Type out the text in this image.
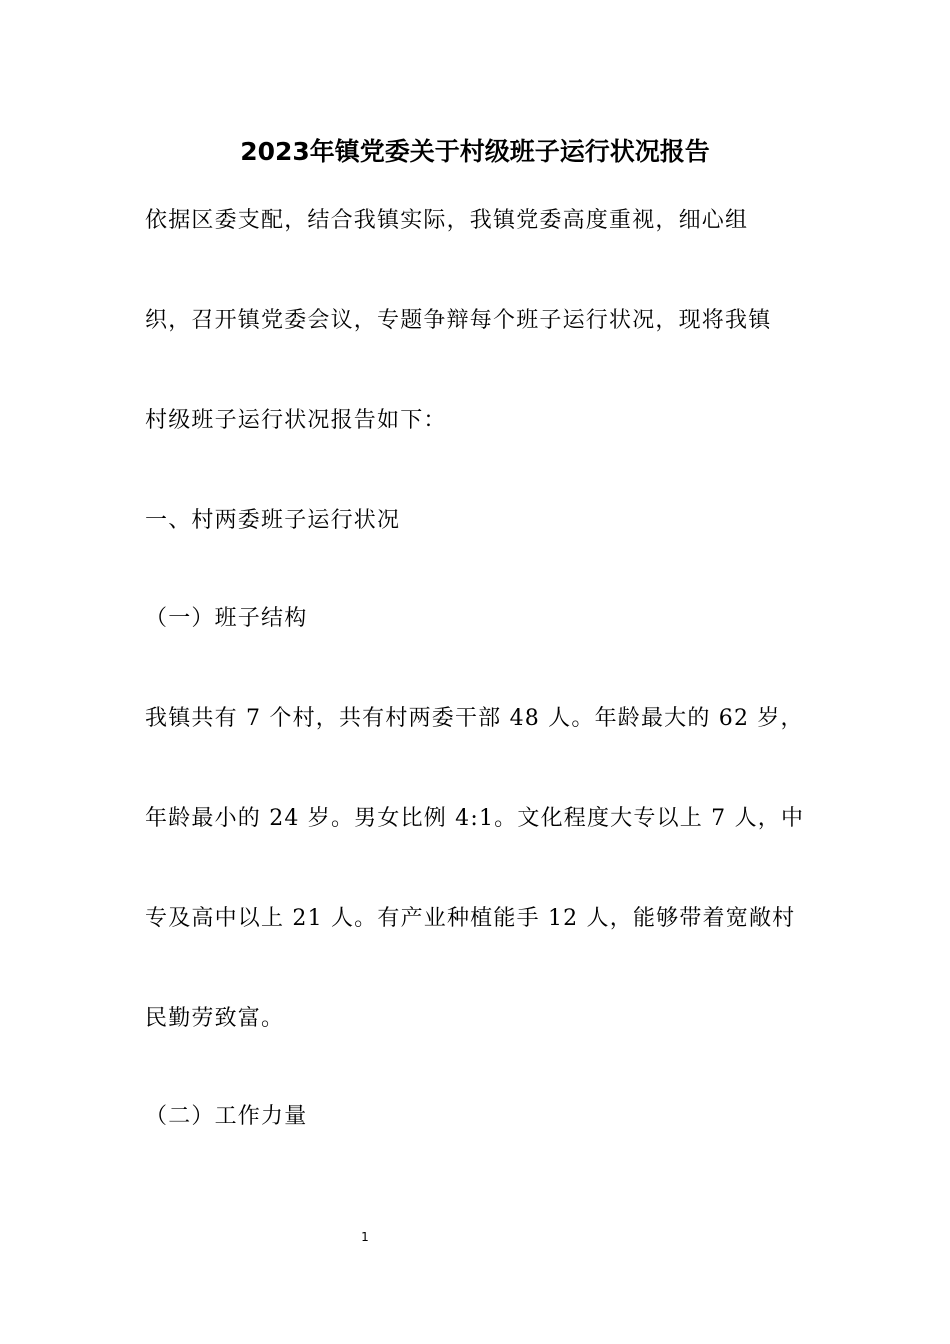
2023年镇党委关于村级班子运行状况报告

依据区委支配，结合我镇实际，我镇党委高度重视，细心组

织，召开镇党委会议，专题争辩每个班子运行状况，现将我镇

村级班子运行状况报告如下：

一、村两委班子运行状况

（一）班子结构

我镇共有 7 个村，共有村两委干部 48 人。年龄最大的 62 岁，

年龄最小的 24 岁。男女比例 4:1。文化程度大专以上 7 人，中

专及高中以上 21 人。有产业种植能手 12 人，能够带着宽敞村

民勤劳致富。

（二）工作力量

1
